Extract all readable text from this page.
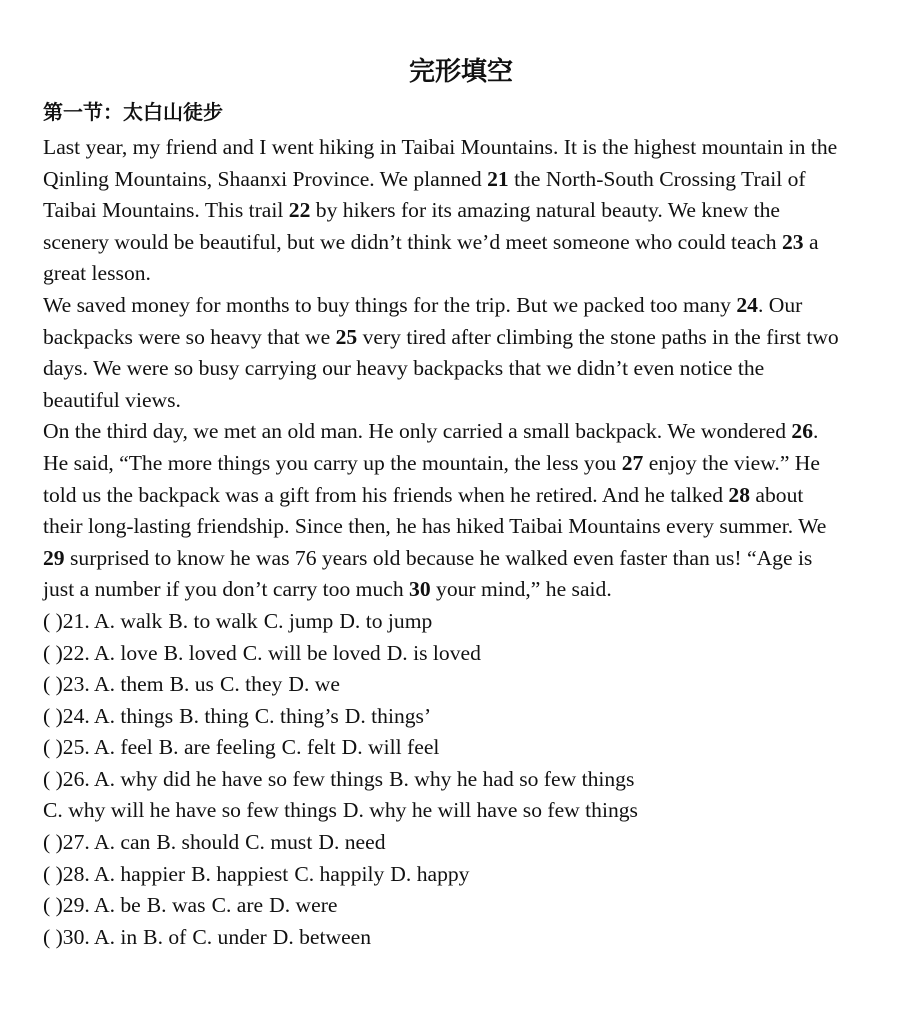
完形填空
第一节：太白山徒步

Last year, my friend and I went hiking in Taibai Mountains. It is the highest mountain in the Qinling Mountains, Shaanxi Province. We planned 21 the North-South Crossing Trail of Taibai Mountains. This trail 22 by hikers for its amazing natural beauty. We knew the scenery would be beautiful, but we didn’t think we’d meet someone who could teach 23 a great lesson.

We saved money for months to buy things for the trip. But we packed too many 24. Our backpacks were so heavy that we 25 very tired after climbing the stone paths in the first two days. We were so busy carrying our heavy backpacks that we didn’t even notice the beautiful views.

On the third day, we met an old man. He only carried a small backpack. We wondered 26. He said, “The more things you carry up the mountain, the less you 27 enjoy the view.” He told us the backpack was a gift from his friends when he retired. And he talked 28 about their long-lasting friendship. Since then, he has hiked Taibai Mountains every summer. We 29 surprised to know he was 76 years old because he walked even faster than us! “Age is just a number if you don’t carry too much 30 your mind,” he said.

( )21. A. walk B. to walk C. jump D. to jump
( )22. A. love B. loved C. will be loved D. is loved
( )23. A. them B. us C. they D. we
( )24. A. things B. thing C. thing’s D. things’
( )25. A. feel B. are feeling C. felt D. will feel
( )26. A. why did he have so few things B. why he had so few things
C. why will he have so few things D. why he will have so few things
( )27. A. can B. should C. must D. need
( )28. A. happier B. happiest C. happily D. happy
( )29. A. be B. was C. are D. were
( )30. A. in B. of C. under D. between
